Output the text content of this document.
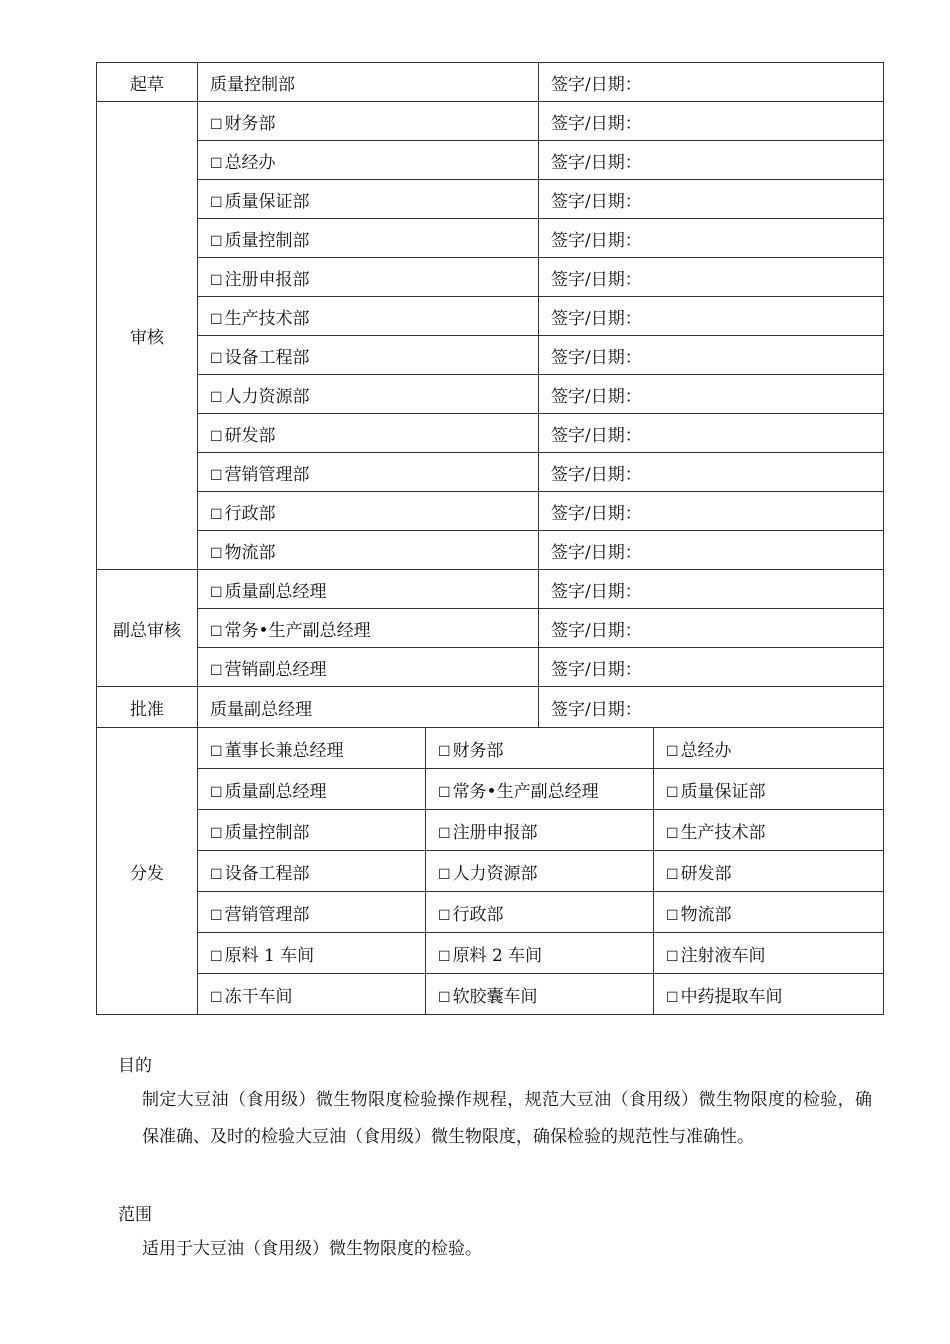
起草	质量控制部		签字/日期：	
审核	☐ 财务部		签字/日期：	
	☐ 总经办		签字/日期：	
	☐ 质量保证部		签字/日期：	
	☐ 质量控制部		签字/日期：	
	☐ 注册申报部		签字/日期：	
	☐ 生产技术部		签字/日期：	
	☐ 设备工程部		签字/日期：	
	☐ 人力资源部		签字/日期：	
	☐ 研发部		签字/日期：	
	☐ 营销管理部		签字/日期：	
	☐ 行政部		签字/日期：	
	☐ 物流部		签字/日期：	
副总审核	☐ 质量副总经理		签字/日期：	
	☐ 常务•生产副总经理		签字/日期：	
	☐ 营销副总经理		签字/日期：	
批准	质量副总经理		签字/日期：	
分发	☐ 董事长兼总经理	☐ 财务部		☐ 总经办
	☐ 质量副总经理	☐ 常务•生产副总经理		☐ 质量保证部
	☐ 质量控制部	☐ 注册申报部		☐ 生产技术部
	☐ 设备工程部	☐ 人力资源部		☐ 研发部
	☐ 营销管理部	☐ 行政部		☐ 物流部
	☐ 原料 1 车间	☐ 原料 2 车间		☐ 注射液车间
	☐ 冻干车间	☐ 软胶囊车间		☐ 中药提取车间
目的

制定大豆油（食用级）微生物限度检验操作规程，规范大豆油（食用级）微生物限度的检验，确保准确、及时的检验大豆油（食用级）微生物限度，确保检验的规范性与准确性。

范围

适用于大豆油（食用级）微生物限度的检验。
